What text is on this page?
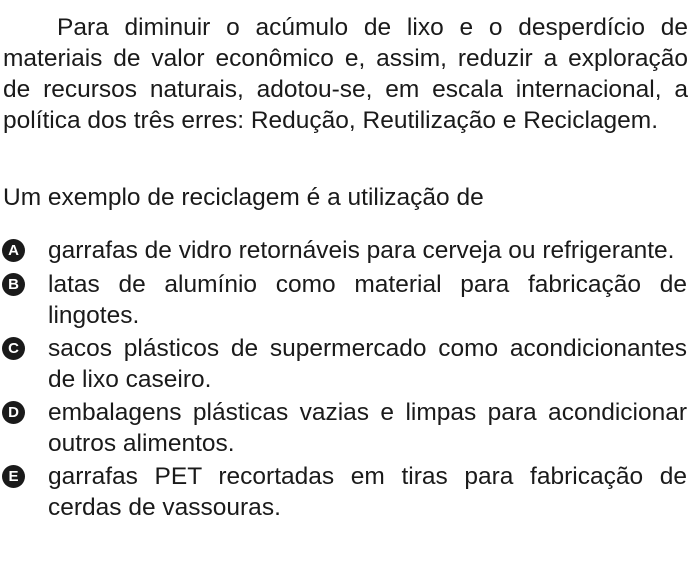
Para diminuir o acúmulo de lixo e o desperdício de materiais de valor econômico e, assim, reduzir a exploração de recursos naturais, adotou-se, em escala internacional, a política dos três erres: Redução, Reutilização e Reciclagem.

Um exemplo de reciclagem é a utilização de

A garrafas de vidro retornáveis para cerveja ou refrigerante.
B latas de alumínio como material para fabricação de lingotes.
C sacos plásticos de supermercado como acondicionantes de lixo caseiro.
D embalagens plásticas vazias e limpas para acondicionar outros alimentos.
E garrafas PET recortadas em tiras para fabricação de cerdas de vassouras.
